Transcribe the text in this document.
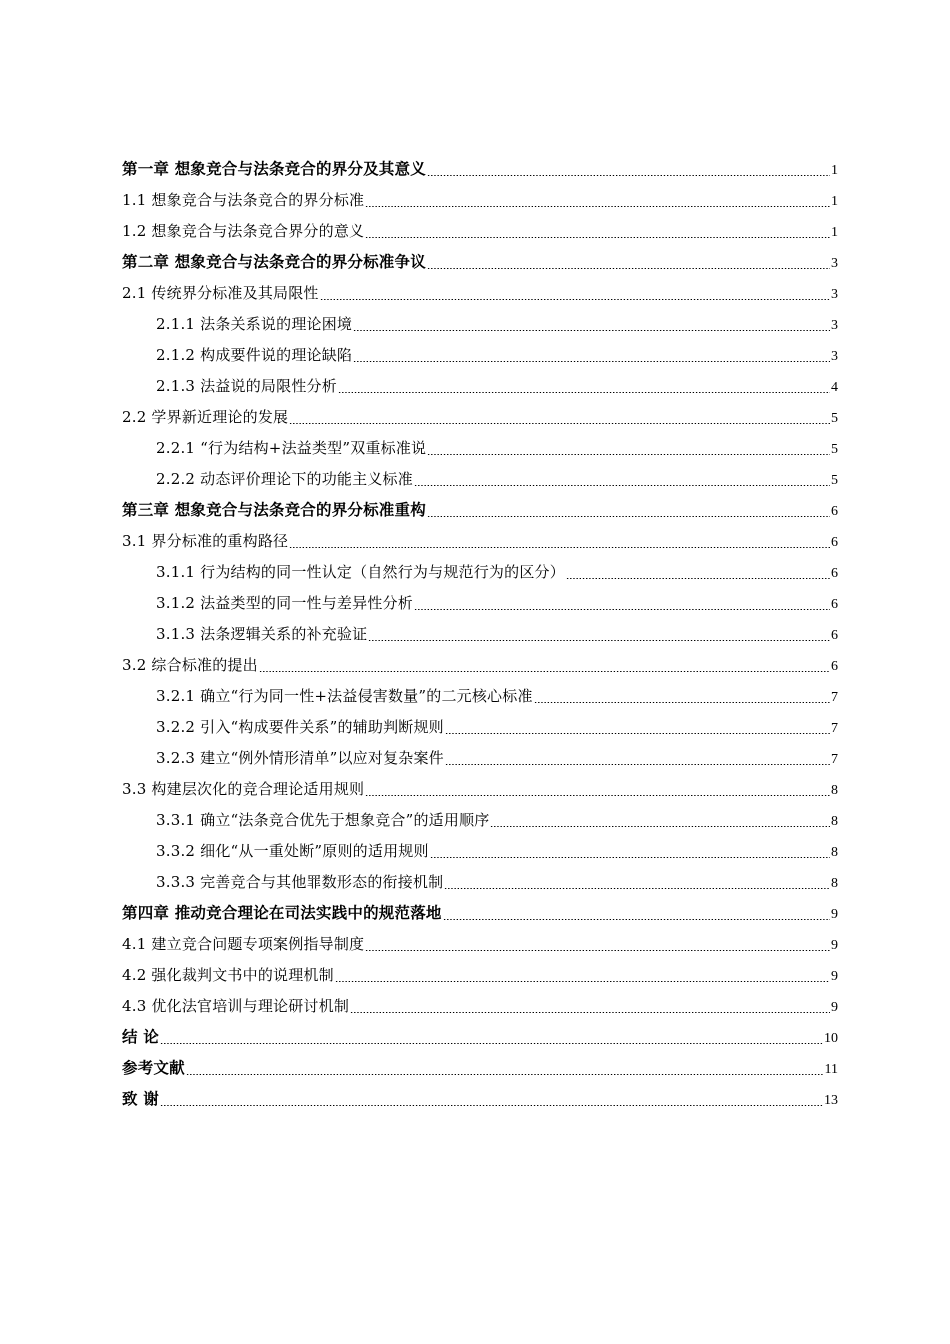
第一章 想象竞合与法条竞合的界分及其意义	1
1.1 想象竞合与法条竞合的界分标准	1
1.2 想象竞合与法条竞合界分的意义	1
第二章 想象竞合与法条竞合的界分标准争议	3
2.1 传统界分标准及其局限性	3
2.1.1 法条关系说的理论困境	3
2.1.2 构成要件说的理论缺陷	3
2.1.3 法益说的局限性分析	4
2.2 学界新近理论的发展	5
2.2.1 “行为结构+法益类型”双重标准说	5
2.2.2 动态评价理论下的功能主义标准	5
第三章 想象竞合与法条竞合的界分标准重构	6
3.1 界分标准的重构路径	6
3.1.1 行为结构的同一性认定（自然行为与规范行为的区分）	6
3.1.2 法益类型的同一性与差异性分析	6
3.1.3 法条逻辑关系的补充验证	6
3.2 综合标准的提出	6
3.2.1 确立“行为同一性+法益侵害数量”的二元核心标准	7
3.2.2 引入“构成要件关系”的辅助判断规则	7
3.2.3 建立“例外情形清单”以应对复杂案件	7
3.3 构建层次化的竞合理论适用规则	8
3.3.1 确立“法条竞合优先于想象竞合”的适用顺序	8
3.3.2 细化“从一重处断”原则的适用规则	8
3.3.3 完善竞合与其他罪数形态的衔接机制	8
第四章 推动竞合理论在司法实践中的规范落地	9
4.1 建立竞合问题专项案例指导制度	9
4.2 强化裁判文书中的说理机制	9
4.3 优化法官培训与理论研讨机制	9
结 论	10
参考文献	11
致 谢	13
